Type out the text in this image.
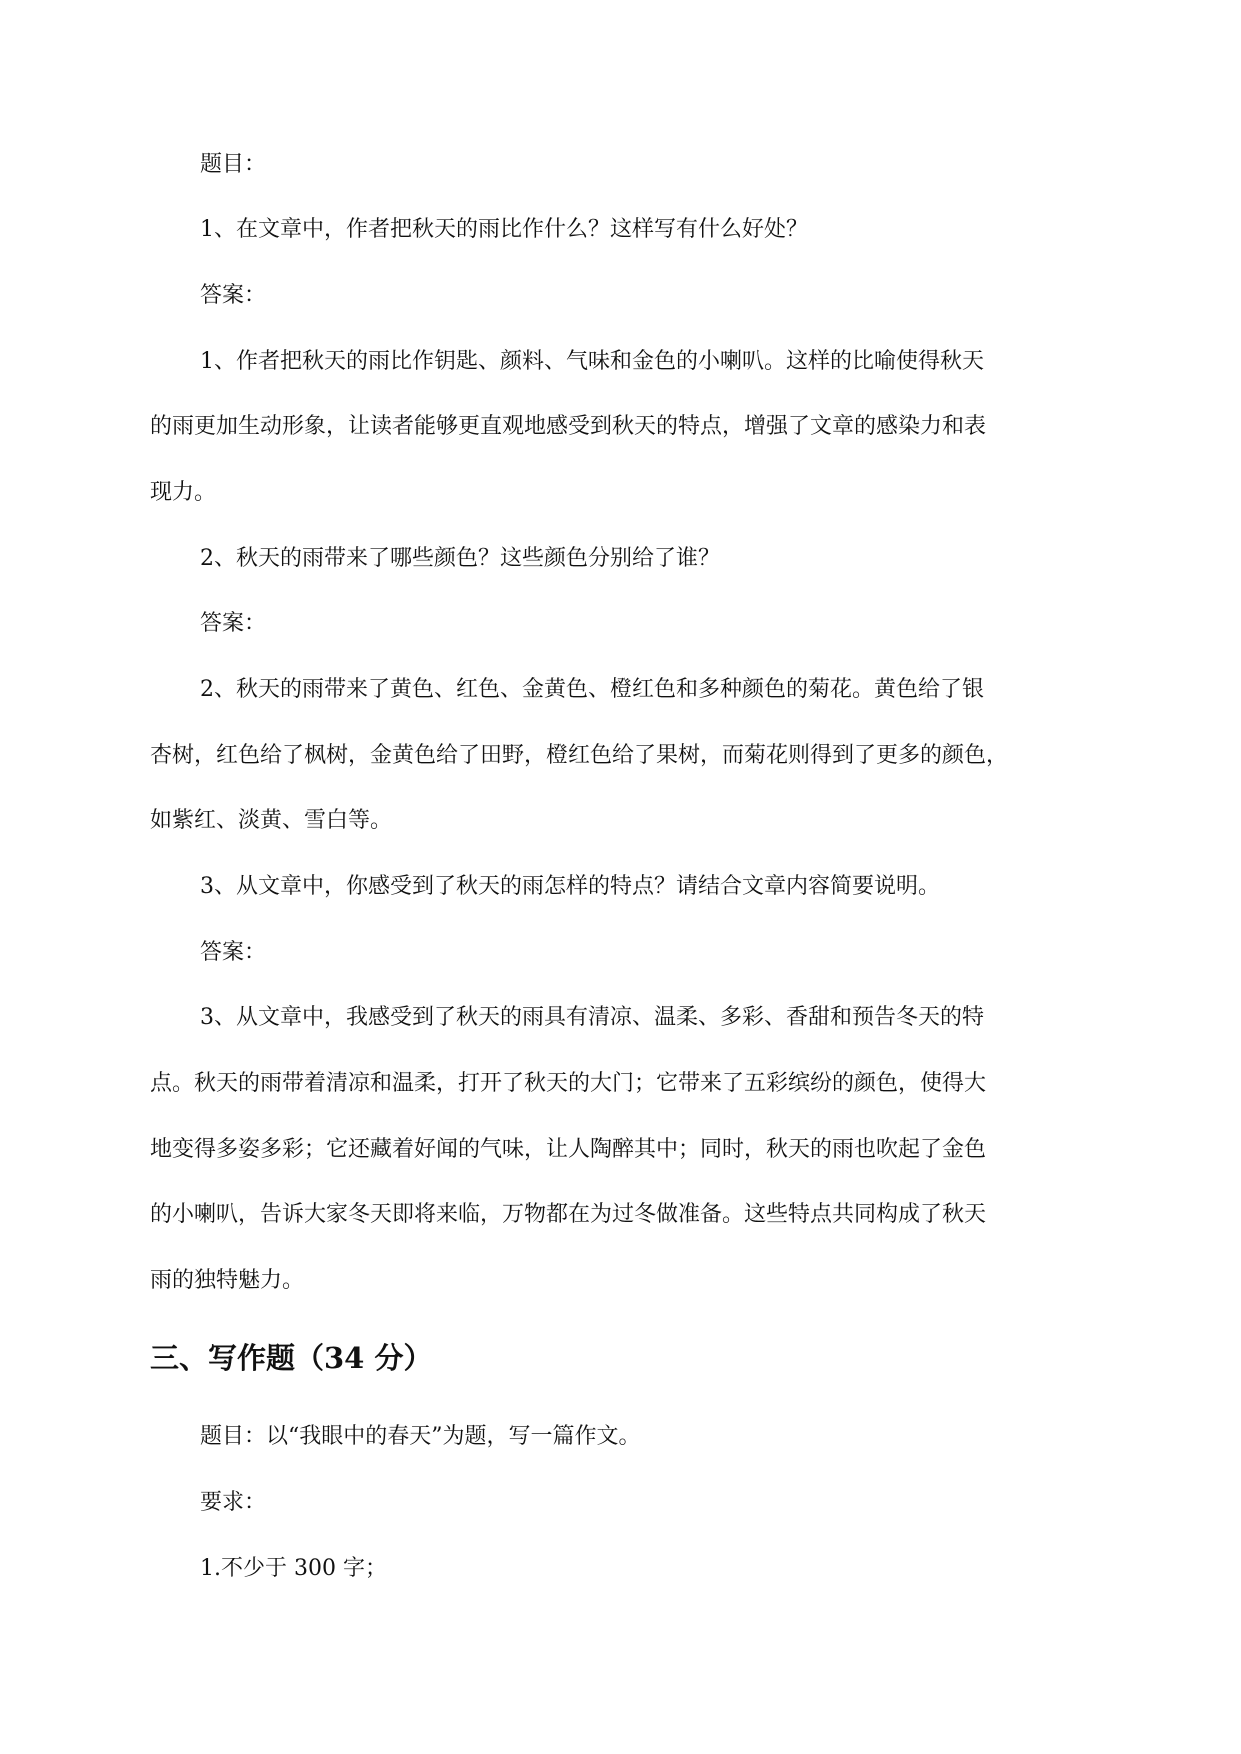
题目：
1、在文章中，作者把秋天的雨比作什么？这样写有什么好处？
答案：
1、作者把秋天的雨比作钥匙、颜料、气味和金色的小喇叭。这样的比喻使得秋天
的雨更加生动形象，让读者能够更直观地感受到秋天的特点，增强了文章的感染力和表
现力。
2、秋天的雨带来了哪些颜色？这些颜色分别给了谁？
答案：
2、秋天的雨带来了黄色、红色、金黄色、橙红色和多种颜色的菊花。黄色给了银
杏树，红色给了枫树，金黄色给了田野，橙红色给了果树，而菊花则得到了更多的颜色，
如紫红、淡黄、雪白等。
3、从文章中，你感受到了秋天的雨怎样的特点？请结合文章内容简要说明。
答案：
3、从文章中，我感受到了秋天的雨具有清凉、温柔、多彩、香甜和预告冬天的特
点。秋天的雨带着清凉和温柔，打开了秋天的大门；它带来了五彩缤纷的颜色，使得大
地变得多姿多彩；它还藏着好闻的气味，让人陶醉其中；同时，秋天的雨也吹起了金色
的小喇叭，告诉大家冬天即将来临，万物都在为过冬做准备。这些特点共同构成了秋天
雨的独特魅力。
三、写作题（34 分）
题目：以“我眼中的春天”为题，写一篇作文。
要求：
1.不少于 300 字；
